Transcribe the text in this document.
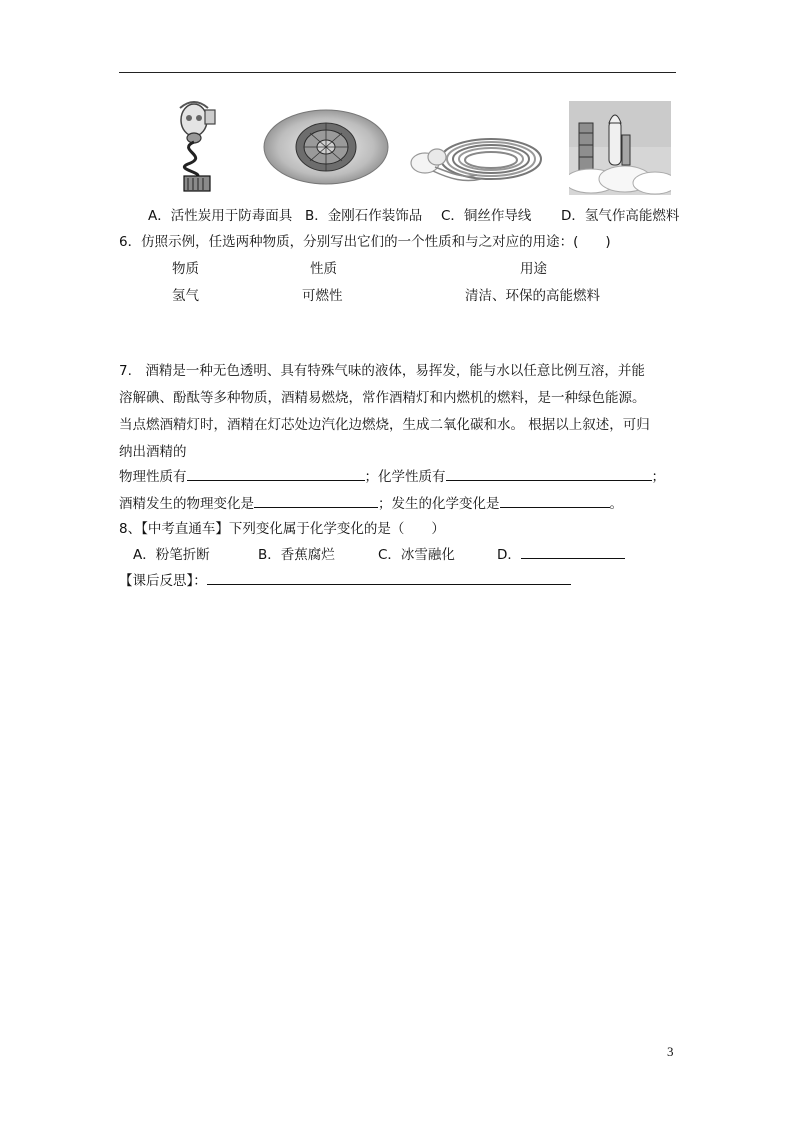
A．活性炭用于防毒面具 B．金刚石作装饰品 C．铜丝作导线 D．氢气作高能燃料
6．仿照示例，任选两种物质，分别写出它们的一个性质和与之对应的用途：(　　)
物质	性质	用途
氢气	可燃性	清洁、环保的高能燃料
7.　酒精是一种无色透明、具有特殊气味的液体，易挥发，能与水以任意比例互溶，并能
溶解碘、酚酞等多种物质，酒精易燃烧，常作酒精灯和内燃机的燃料，是一种绿色能源。
当点燃酒精灯时，酒精在灯芯处边汽化边燃烧，生成二氧化碳和水。 根据以上叙述，可归
纳出酒精的
物理性质有	；化学性质有	；
酒精发生的物理变化是	；发生的化学变化是	。
8、【中考直通车】下列变化属于化学变化的是（　　）
A．粉笔折断	B．香蕉腐烂	C．冰雪融化	D．
【课后反思】：
3
